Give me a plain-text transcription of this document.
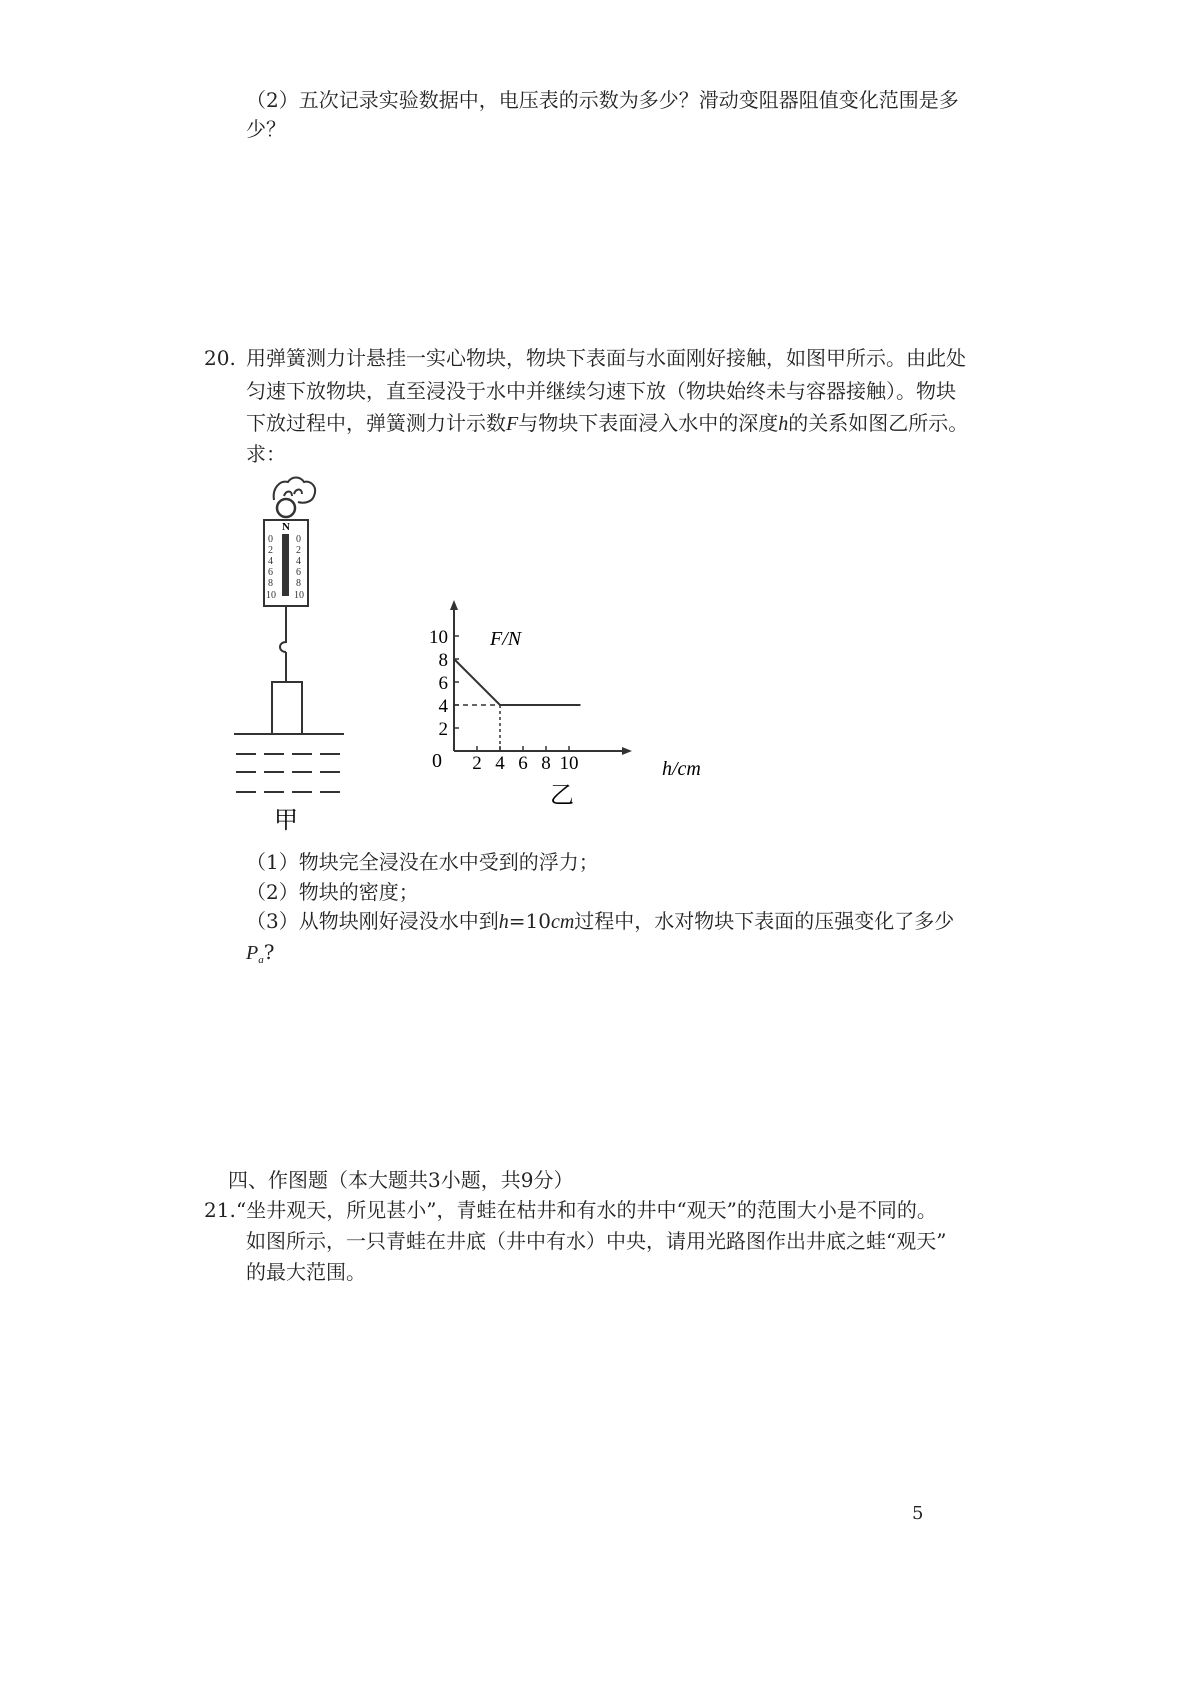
（2）五次记录实验数据中，电压表的示数为多少？滑动变阻器阻值变化范围是多
少？
20. 用弹簧测力计悬挂一实心物块，物块下表面与水面刚好接触，如图甲所示。由此处
匀速下放物块，直至浸没于水中并继续匀速下放（物块始终未与容器接触）。物块
下放过程中，弹簧测力计示数F与物块下表面浸入水中的深度h的关系如图乙所示。
求：
N
0
2
4
6
8
10
0
2
4
6
8
10
甲
2 4 6 8 10
2
4
6
8
10 F/N
h/cm
0
乙
（1）物块完全浸没在水中受到的浮力；
（2）物块的密度；
（3）从物块刚好浸没水中到h=10cm过程中，水对物块下表面的压强变化了多少
$P_a$?
四、作图题（本大题共3小题，共9分）
21. “坐井观天，所见甚小”，青蛙在枯井和有水的井中“观天”的范围大小是不同的。
如图所示，一只青蛙在井底（井中有水）中央，请用光路图作出井底之蛙“观天”
的最大范围。
5
